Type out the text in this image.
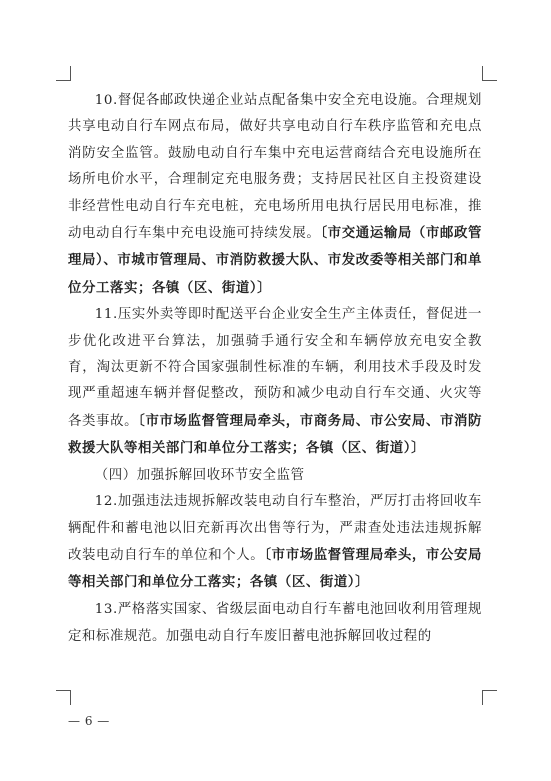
10.督促各邮政快递企业站点配备集中安全充电设施。合理规划共享电动自行车网点布局，做好共享电动自行车秩序监管和充电点消防安全监管。鼓励电动自行车集中充电运营商结合充电设施所在场所电价水平，合理制定充电服务费；支持居民社区自主投资建设非经营性电动自行车充电桩，充电场所用电执行居民用电标准，推动电动自行车集中充电设施可持续发展。〔市交通运输局（市邮政管理局）、市城市管理局、市消防救援大队、市发改委等相关部门和单位分工落实；各镇（区、街道）〕

11.压实外卖等即时配送平台企业安全生产主体责任，督促进一步优化改进平台算法，加强骑手通行安全和车辆停放充电安全教育，淘汰更新不符合国家强制性标准的车辆，利用技术手段及时发现严重超速车辆并督促整改，预防和减少电动自行车交通、火灾等各类事故。〔市市场监督管理局牵头，市商务局、市公安局、市消防救援大队等相关部门和单位分工落实；各镇（区、街道）〕

（四）加强拆解回收环节安全监管

12.加强违法违规拆解改装电动自行车整治，严厉打击将回收车辆配件和蓄电池以旧充新再次出售等行为，严肃查处违法违规拆解改装电动自行车的单位和个人。〔市市场监督管理局牵头，市公安局等相关部门和单位分工落实；各镇（区、街道）〕

13.严格落实国家、省级层面电动自行车蓄电池回收利用管理规定和标准规范。加强电动自行车废旧蓄电池拆解回收过程的

— 6 —
